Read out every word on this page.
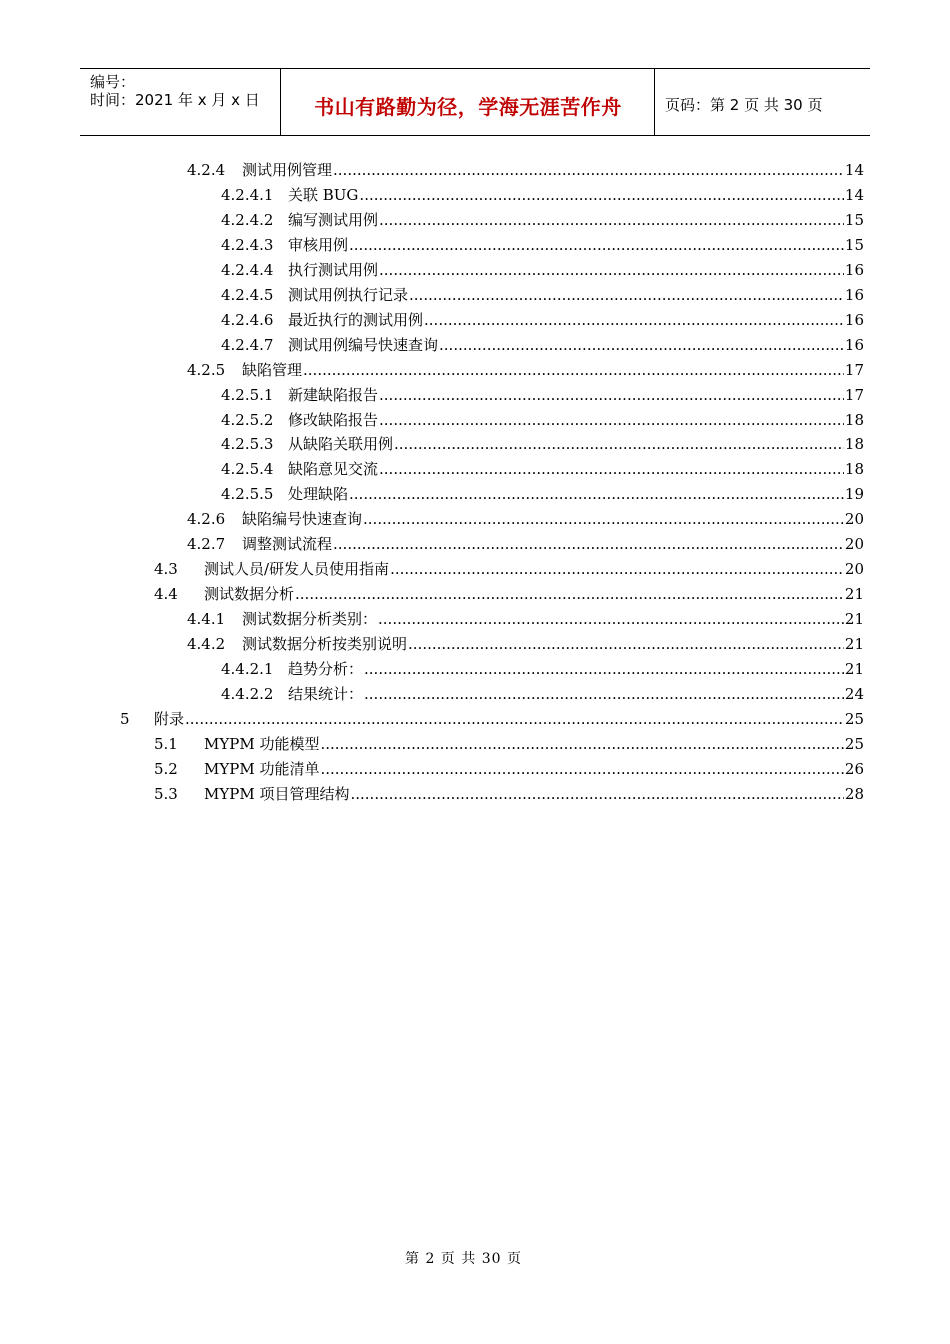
编号：
时间：2021 年 x 月 x 日	书山有路勤为径，学海无涯苦作舟	页码：第 2 页 共 30 页
4.2.4	测试用例管理 .....	14
4.2.4.1 关联 BUG .....	14
4.2.4.2 编写测试用例 .....	15
4.2.4.3 审核用例 .....	15
4.2.4.4 执行测试用例 .....	16
4.2.4.5 测试用例执行记录 .....	16
4.2.4.6 最近执行的测试用例 .....	16
4.2.4.7 测试用例编号快速查询 .....	16
4.2.5	缺陷管理 .....	17
4.2.5.1 新建缺陷报告 .....	17
4.2.5.2 修改缺陷报告 .....	18
4.2.5.3 从缺陷关联用例 .....	18
4.2.5.4 缺陷意见交流 .....	18
4.2.5.5 处理缺陷 .....	19
4.2.6	缺陷编号快速查询 .....	20
4.2.7	调整测试流程 .....	20
4.3	测试人员/研发人员使用指南 .....	20
4.4	测试数据分析 .....	21
4.4.1	测试数据分析类别： .....	21
4.4.2	测试数据分析按类别说明 .....	21
4.4.2.1 趋势分析： .....	21
4.4.2.2 结果统计： .....	24
5	附录 .....	25
5.1	MYPM 功能模型 .....	25
5.2	MYPM 功能清单 .....	26
5.3	MYPM 项目管理结构 .....	28
第 2 页 共 30 页
